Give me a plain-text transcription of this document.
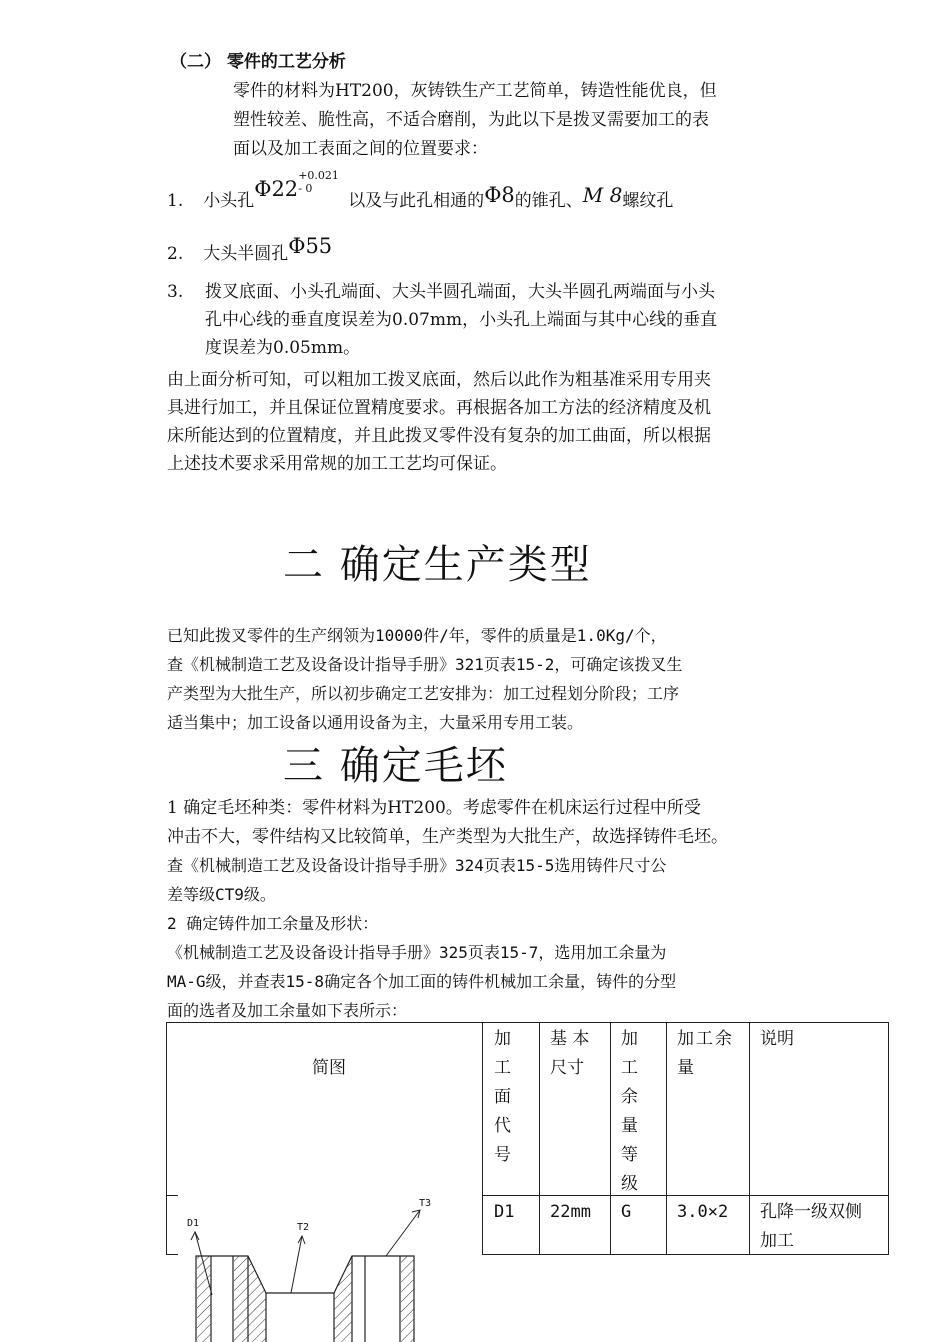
（二） 零件的工艺分析
零件的材料为HT200，灰铸铁生产工艺简单，铸造性能优良，但
塑性较差、脆性高，不适合磨削，为此以下是拨叉需要加工的表
面以及加工表面之间的位置要求：
1. 小头孔Φ22
+0.021
- 0
以及与此孔相通的Φ8的锥孔、M 8螺纹孔
2. 大头半圆孔Φ55
3. 拨叉底面、小头孔端面、大头半圆孔端面，大头半圆孔两端面与小头
孔中心线的垂直度误差为0.07mm，小头孔上端面与其中心线的垂直
度误差为0.05mm。
由上面分析可知，可以粗加工拨叉底面，然后以此作为粗基准采用专用夹
具进行加工，并且保证位置精度要求。再根据各加工方法的经济精度及机
床所能达到的位置精度，并且此拨叉零件没有复杂的加工曲面，所以根据
上述技术要求采用常规的加工工艺均可保证。
二 确定生产类型
已知此拨叉零件的生产纲领为10000件/年，零件的质量是1.0Kg/个，
查《机械制造工艺及设备设计指导手册》321页表15-2，可确定该拨叉生
产类型为大批生产，所以初步确定工艺安排为：加工过程划分阶段；工序
适当集中；加工设备以通用设备为主，大量采用专用工装。
三 确定毛坯
1 确定毛坯种类：零件材料为HT200。考虑零件在机床运行过程中所受
冲击不大，零件结构又比较简单，生产类型为大批生产，故选择铸件毛坯。
查《机械制造工艺及设备设计指导手册》324页表15-5选用铸件尺寸公
差等级CT9级。
2 确定铸件加工余量及形状：
《机械制造工艺及设备设计指导手册》325页表15-7，选用加工余量为
MA-G级，并查表15-8确定各个加工面的铸件机械加工余量，铸件的分型
面的选者及加工余量如下表所示：
简图
加
工
面
代
号
基 本
尺寸
加
工
余
量
等
级
加工余
量
说明
D1 22mm G	3.0×2 孔降一级双侧
加工
D1	T2
T3
